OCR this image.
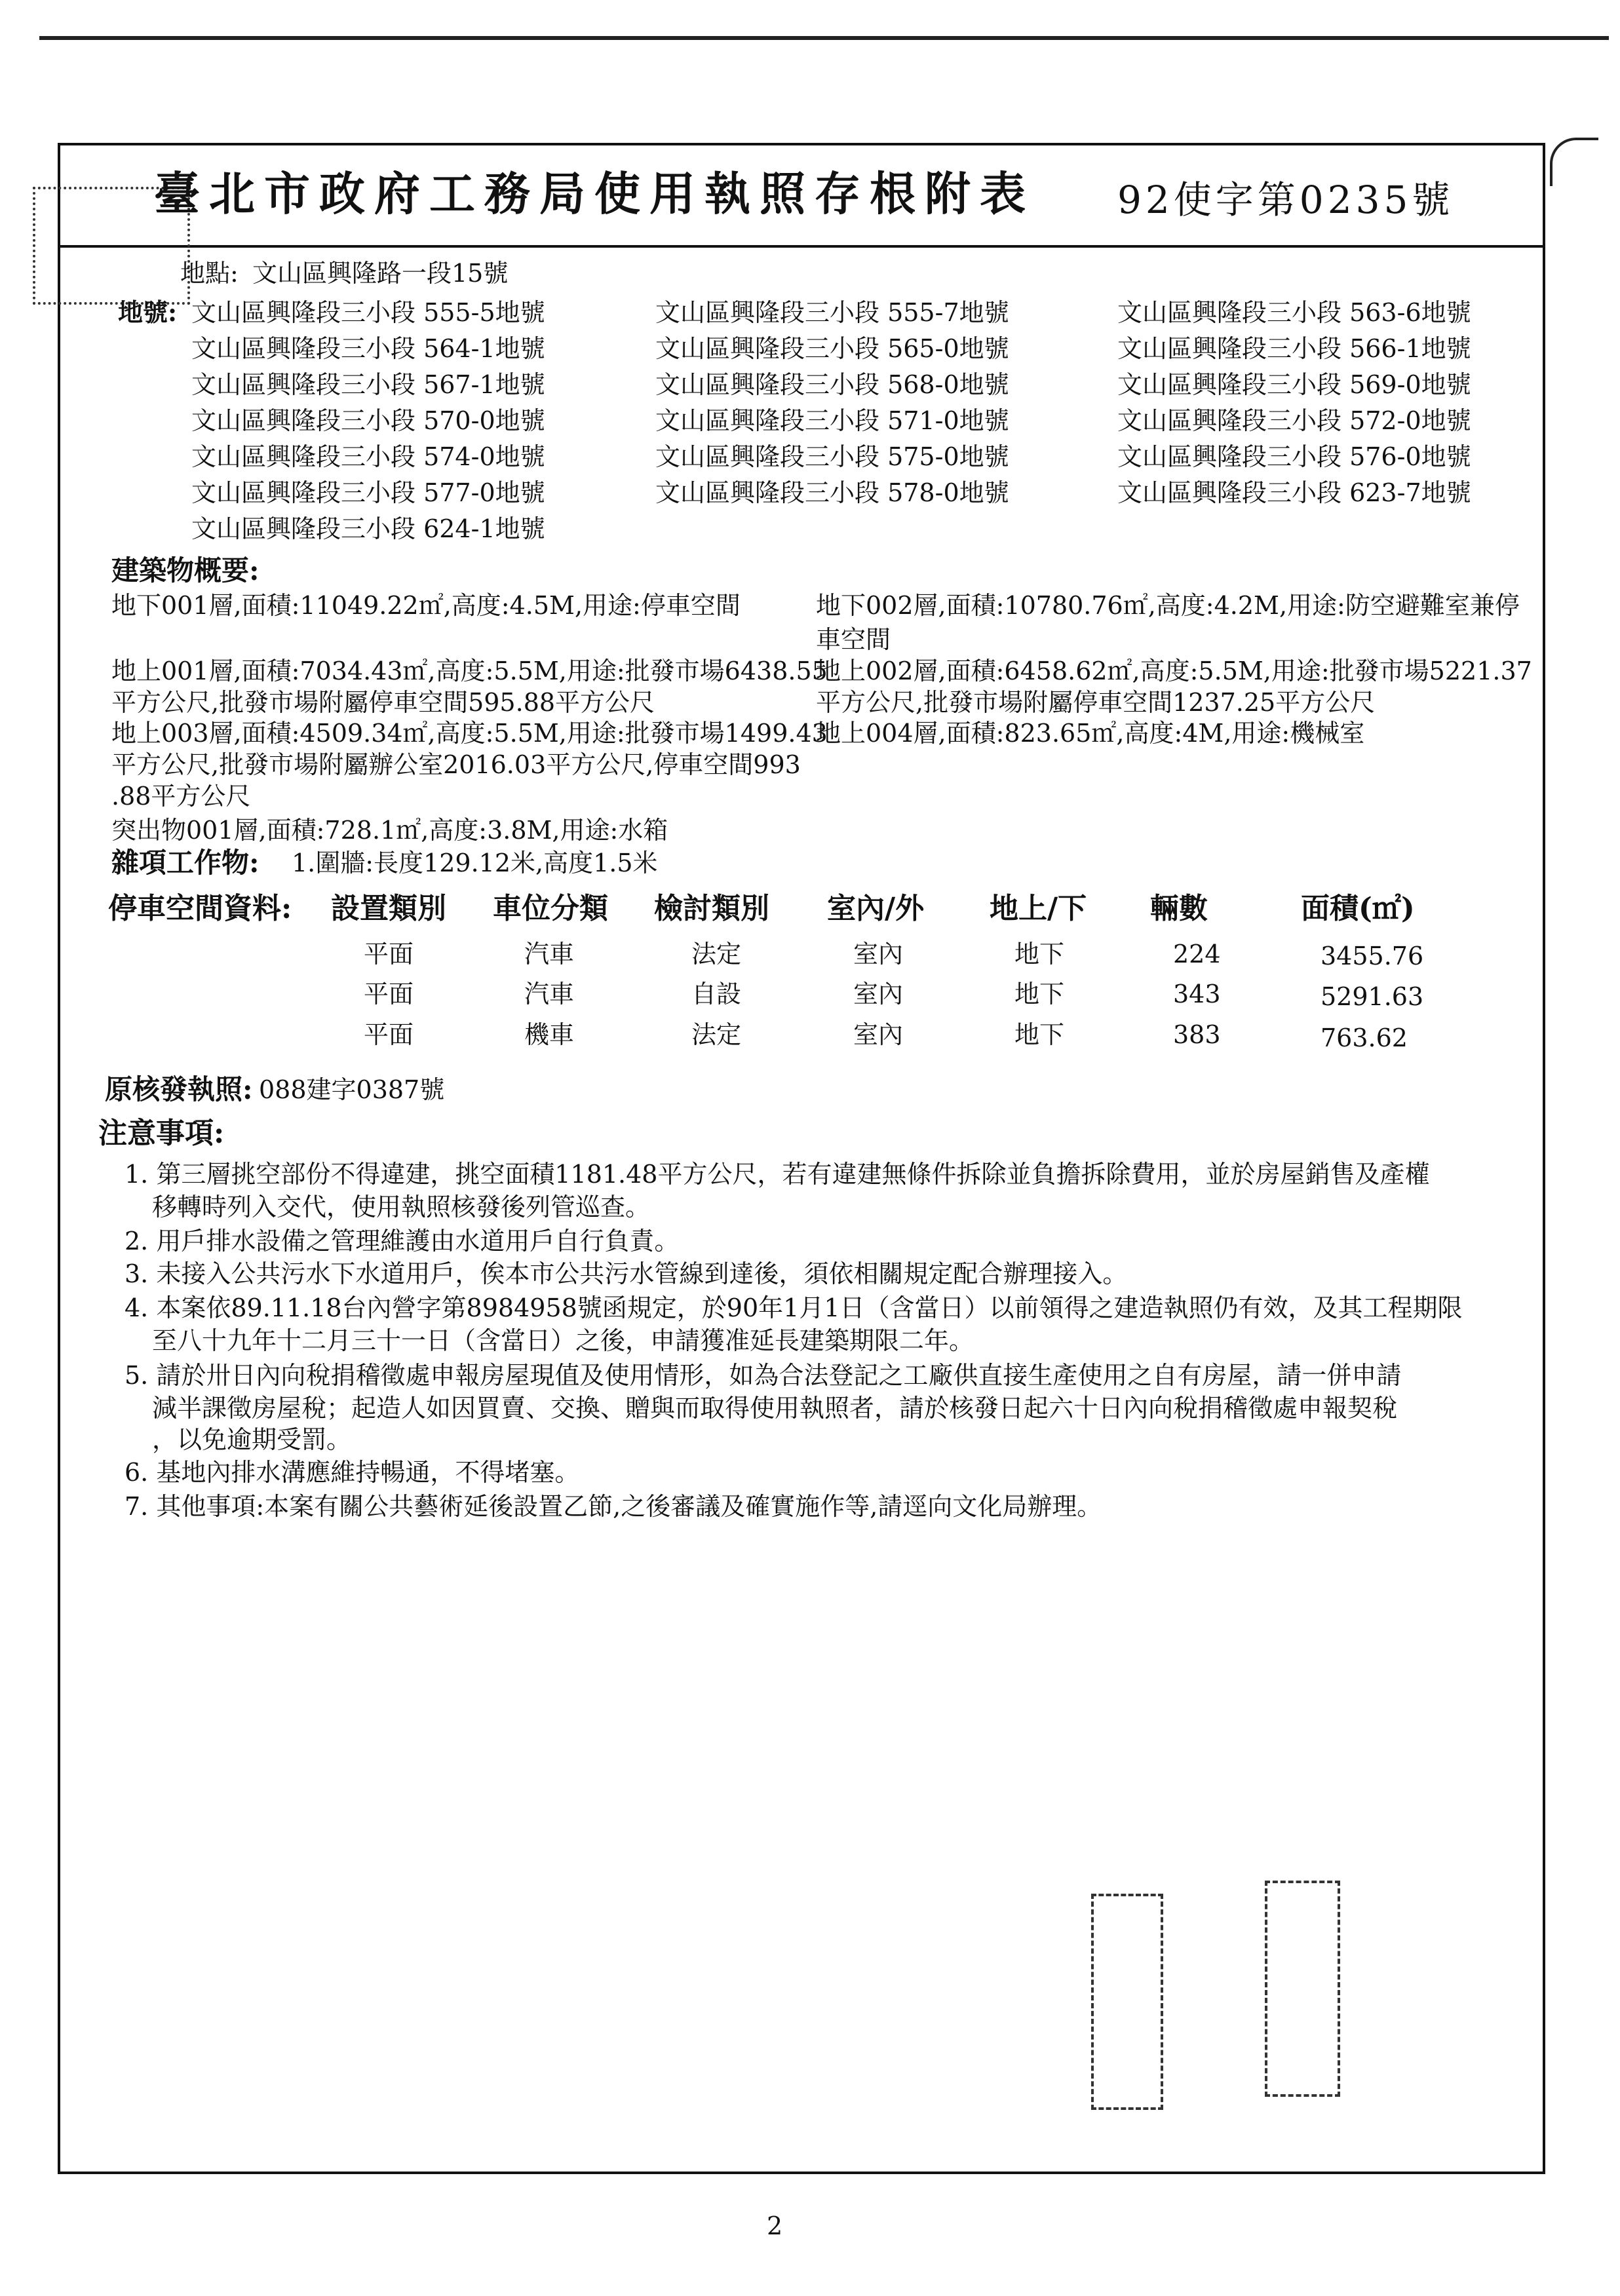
臺北市政府工務局使用執照存根附表 92使字第0235號
地點: 文山區興隆路一段15號
地號: 文山區興隆段三小段 555-5地號	文山區興隆段三小段 555-7地號	文山區興隆段三小段 563-6地號
文山區興隆段三小段 564-1地號	文山區興隆段三小段 565-0地號	文山區興隆段三小段 566-1地號
文山區興隆段三小段 567-1地號	文山區興隆段三小段 568-0地號	文山區興隆段三小段 569-0地號
文山區興隆段三小段 570-0地號	文山區興隆段三小段 571-0地號	文山區興隆段三小段 572-0地號
文山區興隆段三小段 574-0地號	文山區興隆段三小段 575-0地號	文山區興隆段三小段 576-0地號
文山區興隆段三小段 577-0地號	文山區興隆段三小段 578-0地號	文山區興隆段三小段 623-7地號
文山區興隆段三小段 624-1地號
建築物概要:
地下001層,面積:11049.22㎡,高度:4.5M,用途:停車空間	地下002層,面積:10780.76㎡,高度:4.2M,用途:防空避難室兼停
車空間
地上001層,面積:7034.43㎡,高度:5.5M,用途:批發市場6438.55
平方公尺,批發市場附屬停車空間595.88平方公尺
地上002層,面積:6458.62㎡,高度:5.5M,用途:批發市場5221.37
平方公尺,批發市場附屬停車空間1237.25平方公尺
地上003層,面積:4509.34㎡,高度:5.5M,用途:批發市場1499.43
平方公尺,批發市場附屬辦公室2016.03平方公尺,停車空間993
.88平方公尺
地上004層,面積:823.65㎡,高度:4M,用途:機械室
突出物001層,面積:728.1㎡,高度:3.8M,用途:水箱
雜項工作物: 1.圍牆:長度129.12米,高度1.5米
停車空間資料: 設置類別 車位分類 檢討類別 室內/外 地上/下 輛數	面積(㎡)
平面	汽車	法定	室內	地下	224	3455.76
平面	汽車	自設	室內	地下	343	5291.63
平面	機車	法定	室內	地下	383	763.62
原核發執照: 088建字0387號
注意事項:
1. 第三層挑空部份不得違建，挑空面積1181.48平方公尺，若有違建無條件拆除並負擔拆除費用，並於房屋銷售及產權
移轉時列入交代，使用執照核發後列管巡查。
2. 用戶排水設備之管理維護由水道用戶自行負責。
3. 未接入公共污水下水道用戶，俟本市公共污水管線到達後，須依相關規定配合辦理接入。
4. 本案依89.11.18台內營字第8984958號函規定，於90年1月1日（含當日）以前領得之建造執照仍有效，及其工程期限
至八十九年十二月三十一日（含當日）之後，申請獲准延長建築期限二年。
5. 請於卅日內向稅捐稽徵處申報房屋現值及使用情形，如為合法登記之工廠供直接生產使用之自有房屋，請一併申請
減半課徵房屋稅；起造人如因買賣、交換、贈與而取得使用執照者，請於核發日起六十日內向稅捐稽徵處申報契稅
，以免逾期受罰。
6. 基地內排水溝應維持暢通，不得堵塞。
7. 其他事項:本案有關公共藝術延後設置乙節,之後審議及確實施作等,請逕向文化局辦理。
2
